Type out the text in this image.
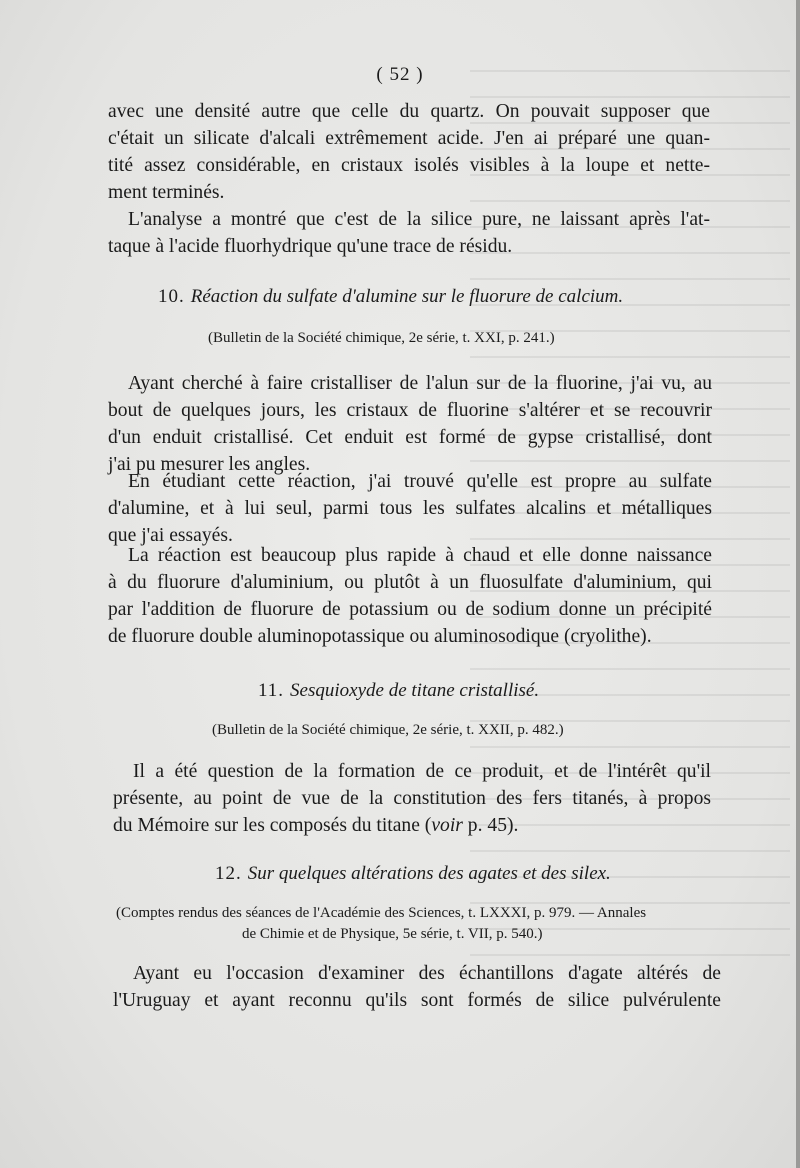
( 52 )
avec une densité autre que celle du quartz. On pouvait supposer que
c'était un silicate d'alcali extrêmement acide. J'en ai préparé une quan-
tité assez considérable, en cristaux isolés visibles à la loupe et nette-
ment terminés.
L'analyse a montré que c'est de la silice pure, ne laissant après l'at-
taque à l'acide fluorhydrique qu'une trace de résidu.
10. Réaction du sulfate d'alumine sur le fluorure de calcium.
(Bulletin de la Société chimique, 2e série, t. XXI, p. 241.)
Ayant cherché à faire cristalliser de l'alun sur de la fluorine, j'ai vu, au
bout de quelques jours, les cristaux de fluorine s'altérer et se recouvrir
d'un enduit cristallisé. Cet enduit est formé de gypse cristallisé, dont
j'ai pu mesurer les angles.
En étudiant cette réaction, j'ai trouvé qu'elle est propre au sulfate
d'alumine, et à lui seul, parmi tous les sulfates alcalins et métalliques
que j'ai essayés.
La réaction est beaucoup plus rapide à chaud et elle donne naissance
à du fluorure d'aluminium, ou plutôt à un fluosulfate d'aluminium, qui
par l'addition de fluorure de potassium ou de sodium donne un précipité
de fluorure double aluminopotassique ou aluminosodique (cryolithe).
11. Sesquioxyde de titane cristallisé.
(Bulletin de la Société chimique, 2e série, t. XXII, p. 482.)
Il a été question de la formation de ce produit, et de l'intérêt qu'il
présente, au point de vue de la constitution des fers titanés, à propos
du Mémoire sur les composés du titane (voir p. 45).
12. Sur quelques altérations des agates et des silex.
(Comptes rendus des séances de l'Académie des Sciences, t. LXXXI, p. 979. — Annales
de Chimie et de Physique, 5e série, t. VII, p. 540.)
Ayant eu l'occasion d'examiner des échantillons d'agate altérés de
l'Uruguay et ayant reconnu qu'ils sont formés de silice pulvérulente
